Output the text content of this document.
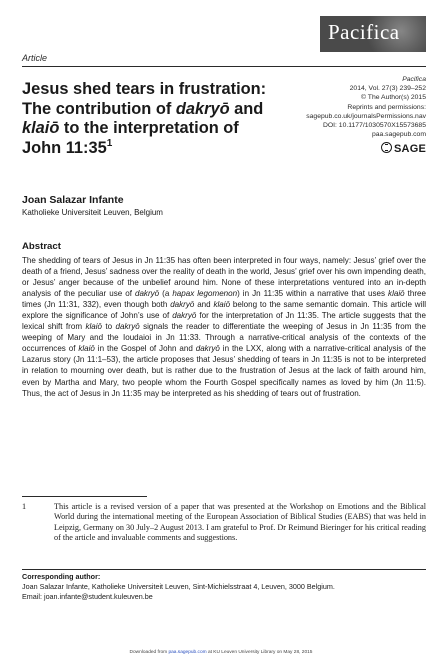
Pacifica
Article
Jesus shed tears in frustration: The contribution of dakryō and klaiō to the interpretation of John $11:35^1$
Pacifica
2014, Vol. 27(3) 239–252
© The Author(s) 2015
Reprints and permissions:
sagepub.co.uk/journalsPermissions.nav
DOI: 10.1177/1030570X15573685
paa.sagepub.com
SAGE
Joan Salazar Infante
Katholieke Universiteit Leuven, Belgium
Abstract

The shedding of tears of Jesus in Jn 11:35 has often been interpreted in four ways, namely: Jesus’ grief over the death of a friend, Jesus’ sadness over the reality of death in the world, Jesus’ grief over his own impending death, or Jesus’ anger because of the unbelief around him. None of these interpretations ventured into an in-depth analysis of the peculiar use of dakryō (a hapax legomenon) in Jn 11:35 within a narrative that uses klaiō three times (Jn 11:31, 332), even though both dakryō and klaiō belong to the same semantic domain. This article will explore the significance of John’s use of dakryō for the interpretation of Jn 11:35. The article suggests that the lexical shift from klaiō to dakryō signals the reader to differentiate the weeping of Jesus in Jn 11:35 from the weeping of Mary and the Ioudaioi in Jn 11:33. Through a narrative-critical analysis of the contexts of the occurrences of klaiō in the Gospel of John and dakryō in the LXX, along with a narrative-critical analysis of the Lazarus story (Jn 11:1–53), the article proposes that Jesus’ shedding of tears in Jn 11:35 is not to be interpreted in relation to mourning over death, but is rather due to the frustration of Jesus at the lack of faith around him, even by Martha and Mary, two people whom the Fourth Gospel specifically names as loved by him (Jn 11:5). Thus, the act of Jesus in Jn 11:35 may be interpreted as his shedding of tears out of frustration.

1	This article is a revised version of a paper that was presented at the Workshop on Emotions and the Biblical World during the international meeting of the European Association of Biblical Studies (EABS) that was held in Leipzig, Germany on 30 July–2 August 2013. I am grateful to Prof. Dr Reimund Bieringer for his critical reading of the article and invaluable comments and suggestions.
Corresponding author:
Joan Salazar Infante, Katholieke Universiteit Leuven, Sint-Michielsstraat 4, Leuven, 3000 Belgium.
Email: joan.infante@student.kuleuven.be
Downloaded from paa.sagepub.com at KU Leuven University Library on May 28, 2015
